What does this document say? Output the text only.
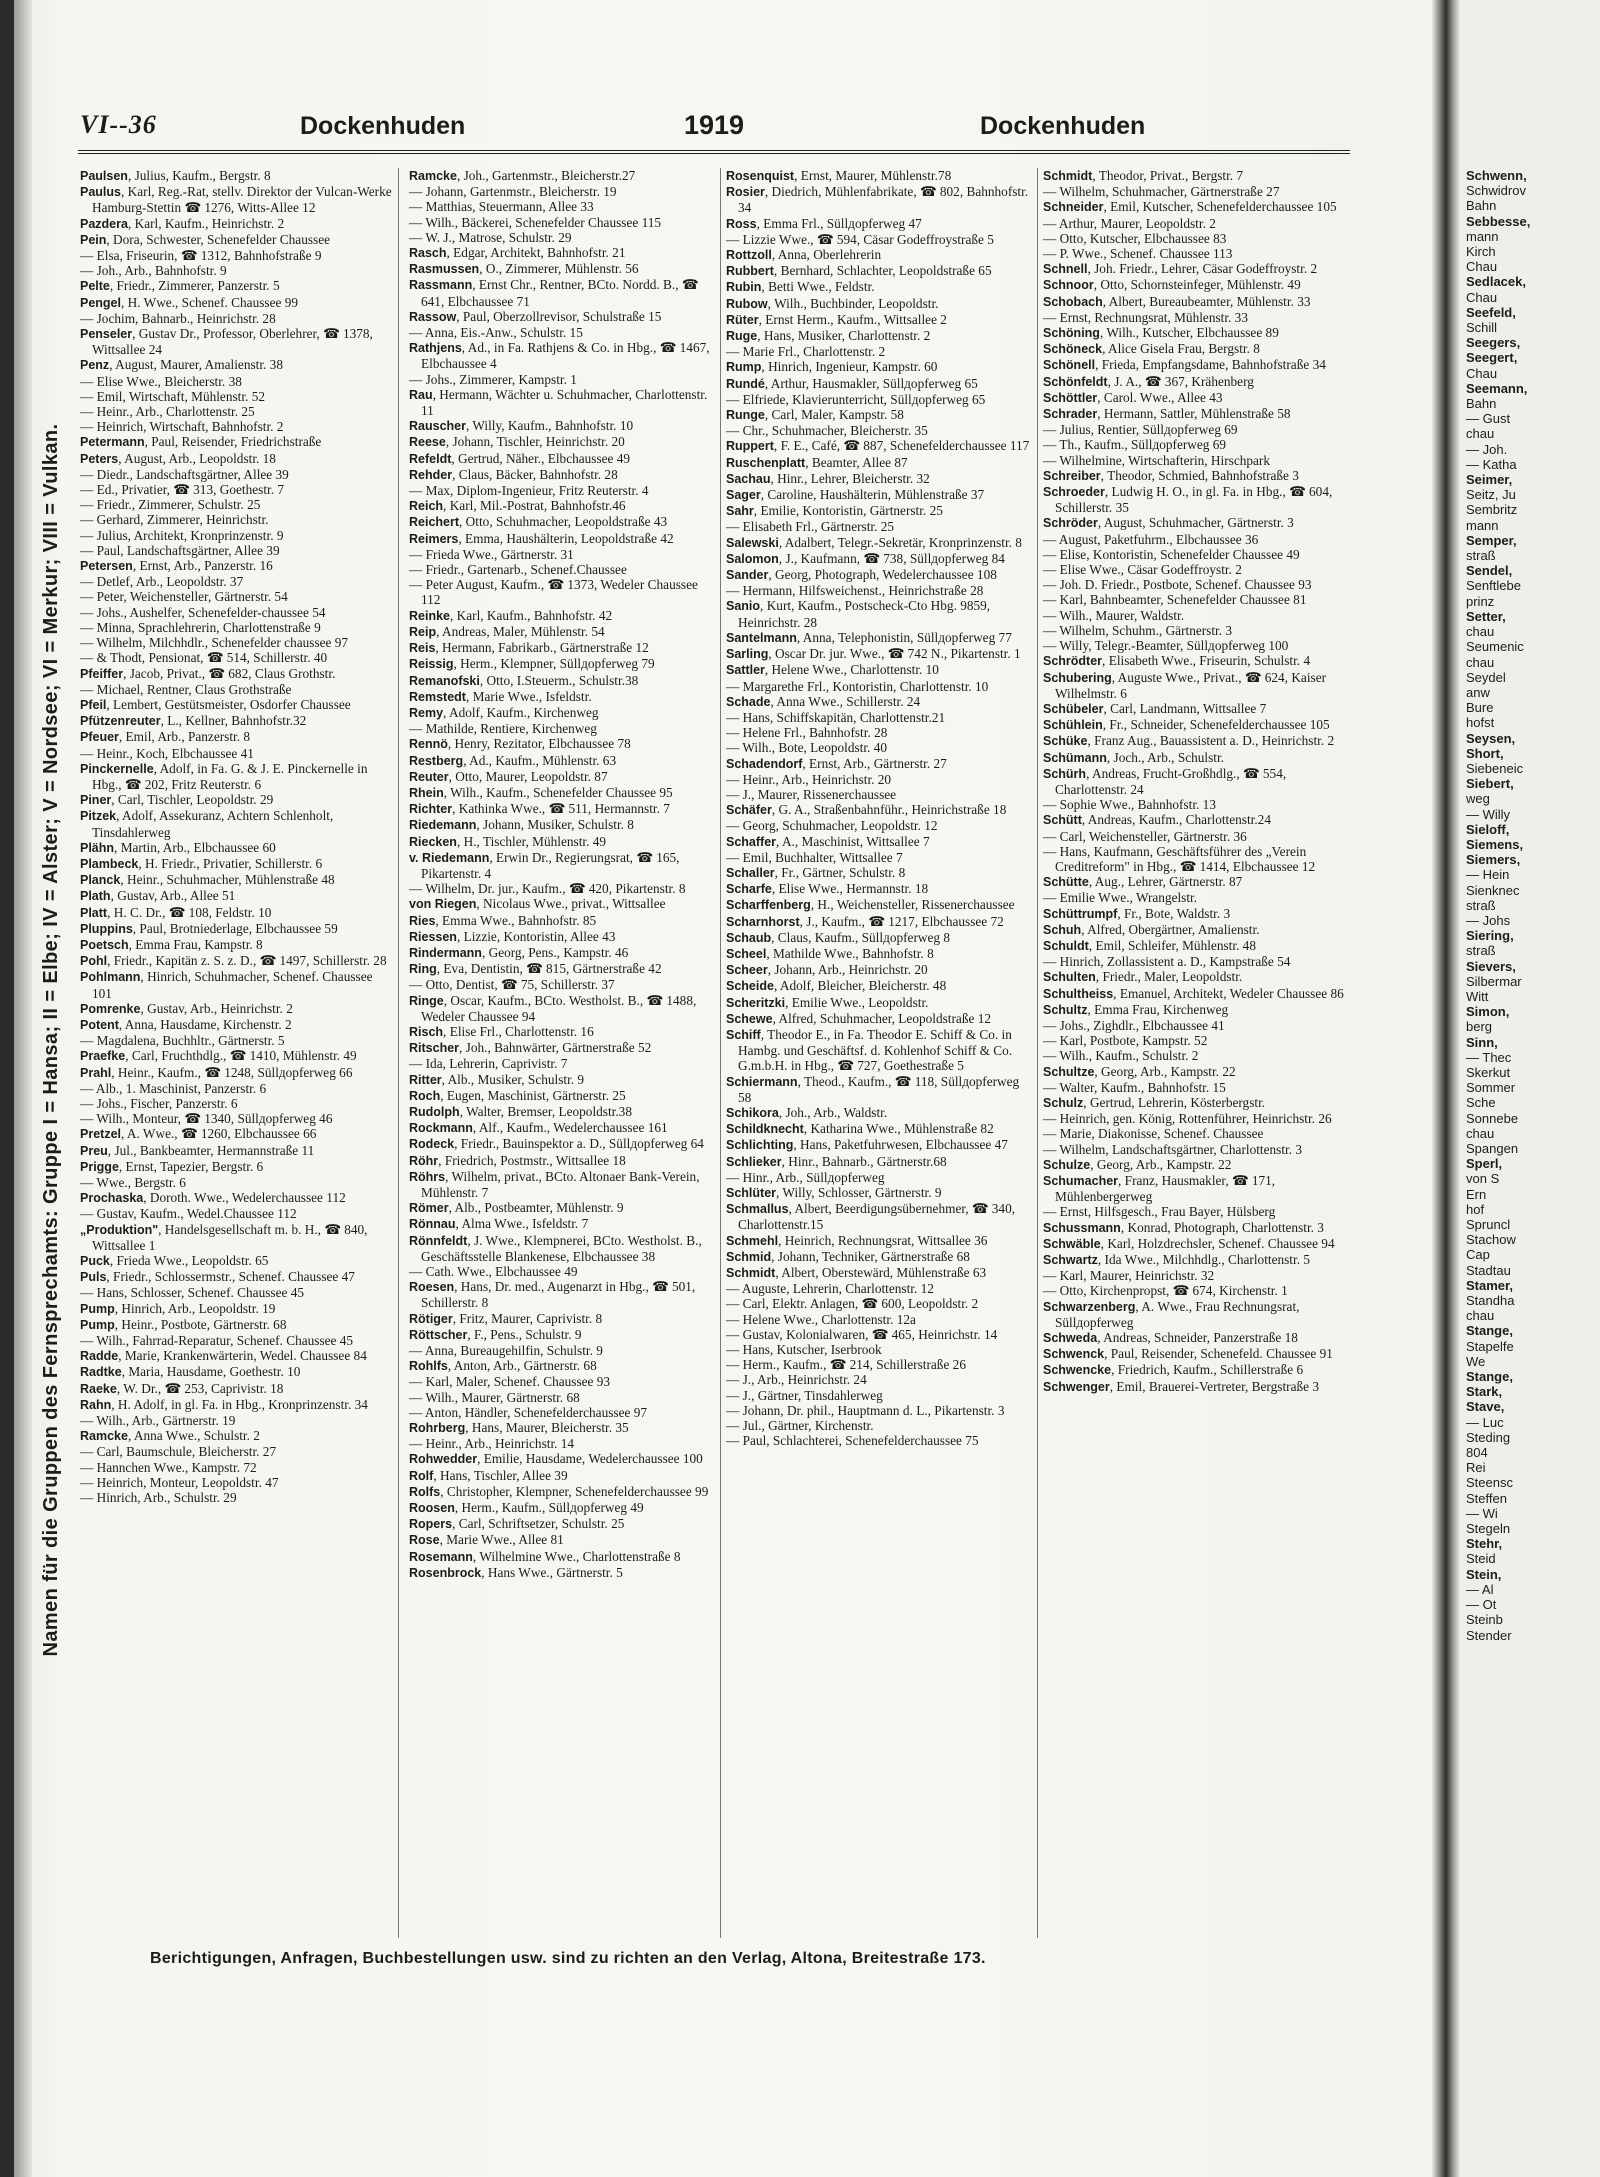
VI--36	Dockenhuden	1919	Dockenhuden
Namen für die Gruppen des Fernsprechamts: Gruppe I = Hansa; II = Elbe; IV = Alster; V = Nordsee; VI = Merkur; VIII = Vulkan.

Paulsen, Julius, Kaufm., Bergstr. 8

Paulus, Karl, Reg.-Rat, stellv. Direktor der Vulcan-Werke Hamburg-Stettin ☎ 1276, Witts-Allee 12

Pazdera, Karl, Kaufm., Heinrichstr. 2

Pein, Dora, Schwester, Schenefelder Chaussee

— Elsa, Friseurin, ☎ 1312, Bahnhofstraße 9

— Joh., Arb., Bahnhofstr. 9

Pelte, Friedr., Zimmerer, Panzerstr. 5

Pengel, H. Wwe., Schenef. Chaussee 99

— Jochim, Bahnarb., Heinrichstr. 28

Penseler, Gustav Dr., Professor, Oberlehrer, ☎ 1378, Wittsallee 24

Penz, August, Maurer, Amalienstr. 38

— Elise Wwe., Bleicherstr. 38

— Emil, Wirtschaft, Mühlenstr. 52

— Heinr., Arb., Charlottenstr. 25

— Heinrich, Wirtschaft, Bahnhofstr. 2

Petermann, Paul, Reisender, Friedrichstraße

Peters, August, Arb., Leopoldstr. 18

— Diedr., Landschaftsgärtner, Allee 39

— Ed., Privatier, ☎ 313, Goethestr. 7

— Friedr., Zimmerer, Schulstr. 25

— Gerhard, Zimmerer, Heinrichstr.

— Julius, Architekt, Kronprinzenstr. 9

— Paul, Landschaftsgärtner, Allee 39

Petersen, Ernst, Arb., Panzerstr. 16

— Detlef, Arb., Leopoldstr. 37

— Peter, Weichensteller, Gärtnerstr. 54

— Johs., Aushelfer, Schenefelder-chaussee 54

— Minna, Sprachlehrerin, Charlottenstraße 9

— Wilhelm, Milchhdlr., Schenefelder chaussee 97

— & Thodt, Pensionat, ☎ 514, Schillerstr. 40

Pfeiffer, Jacob, Privat., ☎ 682, Claus Grothstr.

— Michael, Rentner, Claus Grothstraße

Pfeil, Lembert, Gestütsmeister, Osdorfer Chaussee

Pfützenreuter, L., Kellner, Bahnhofstr.32

Pfeuer, Emil, Arb., Panzerstr. 8

— Heinr., Koch, Elbchaussee 41

Pinckernelle, Adolf, in Fa. G. & J. E. Pinckernelle in Hbg., ☎ 202, Fritz Reuterstr. 6

Piner, Carl, Tischler, Leopoldstr. 29

Pitzek, Adolf, Assekuranz, Achtern Schlenholt, Tinsdahlerweg

Plähn, Martin, Arb., Elbchaussee 60

Plambeck, H. Friedr., Privatier, Schillerstr. 6

Planck, Heinr., Schuhmacher, Mühlenstraße 48

Plath, Gustav, Arb., Allee 51

Platt, H. C. Dr., ☎ 108, Feldstr. 10

Pluppins, Paul, Brotniederlage, Elbchaussee 59

Poetsch, Emma Frau, Kampstr. 8

Pohl, Friedr., Kapitän z. S. z. D., ☎ 1497, Schillerstr. 28

Pohlmann, Hinrich, Schuhmacher, Schenef. Chaussee 101

Pomrenke, Gustav, Arb., Heinrichstr. 2

Potent, Anna, Hausdame, Kirchenstr. 2

— Magdalena, Buchhltr., Gärtnerstr. 5

Praefke, Carl, Fruchthdlg., ☎ 1410, Mühlenstr. 49

Prahl, Heinr., Kaufm., ☎ 1248, Süllдорferweg 66

— Alb., 1. Maschinist, Panzerstr. 6

— Johs., Fischer, Panzerstr. 6

— Wilh., Monteur, ☎ 1340, Süllдорferweg 46

Pretzel, A. Wwe., ☎ 1260, Elbchaussee 66

Preu, Jul., Bankbeamter, Hermannstraße 11

Prigge, Ernst, Tapezier, Bergstr. 6

— Wwe., Bergstr. 6

Prochaska, Doroth. Wwe., Wedelerchaussee 112

— Gustav, Kaufm., Wedel.Chaussee 112

„Produktion", Handelsgesellschaft m. b. H., ☎ 840, Wittsallee 1

Puck, Frieda Wwe., Leopoldstr. 65

Puls, Friedr., Schlossermstr., Schenef. Chaussee 47

— Hans, Schlosser, Schenef. Chaussee 45

Pump, Hinrich, Arb., Leopoldstr. 19

Pump, Heinr., Postbote, Gärtnerstr. 68

— Wilh., Fahrrad-Reparatur, Schenef. Chaussee 45

Radde, Marie, Krankenwärterin, Wedel. Chaussee 84

Radtke, Maria, Hausdame, Goethestr. 10

Raeke, W. Dr., ☎ 253, Caprivistr. 18

Rahn, H. Adolf, in gl. Fa. in Hbg., Kronprinzenstr. 34

— Wilh., Arb., Gärtnerstr. 19

Ramcke, Anna Wwe., Schulstr. 2

— Carl, Baumschule, Bleicherstr. 27

— Hannchen Wwe., Kampstr. 72

— Heinrich, Monteur, Leopoldstr. 47

— Hinrich, Arb., Schulstr. 29

Ramcke, Joh., Gartenmstr., Bleicherstr.27

— Johann, Gartenmstr., Bleicherstr. 19

— Matthias, Steuermann, Allee 33

— Wilh., Bäckerei, Schenefelder Chaussee 115

— W. J., Matrose, Schulstr. 29

Rasch, Edgar, Architekt, Bahnhofstr. 21

Rasmussen, O., Zimmerer, Mühlenstr. 56

Rassmann, Ernst Chr., Rentner, BCto. Nordd. B., ☎ 641, Elbchaussee 71

Rassow, Paul, Oberzollrevisor, Schulstraße 15

— Anna, Eis.-Anw., Schulstr. 15

Rathjens, Ad., in Fa. Rathjens & Co. in Hbg., ☎ 1467, Elbchaussee 4

— Johs., Zimmerer, Kampstr. 1

Rau, Hermann, Wächter u. Schuhmacher, Charlottenstr. 11

Rauscher, Willy, Kaufm., Bahnhofstr. 10

Reese, Johann, Tischler, Heinrichstr. 20

Refeldt, Gertrud, Näher., Elbchaussee 49

Rehder, Claus, Bäcker, Bahnhofstr. 28

— Max, Diplom-Ingenieur, Fritz Reuterstr. 4

Reich, Karl, Mil.-Postrat, Bahnhofstr.46

Reichert, Otto, Schuhmacher, Leopoldstraße 43

Reimers, Emma, Haushälterin, Leopoldstraße 42

— Frieda Wwe., Gärtnerstr. 31

— Friedr., Gartenarb., Schenef.Chaussee

— Peter August, Kaufm., ☎ 1373, Wedeler Chaussee 112

Reinke, Karl, Kaufm., Bahnhofstr. 42

Reip, Andreas, Maler, Mühlenstr. 54

Reis, Hermann, Fabrikarb., Gärtnerstraße 12

Reissig, Herm., Klempner, Süllдорferweg 79

Remanofski, Otto, I.Steuerm., Schulstr.38

Remstedt, Marie Wwe., Isfeldstr.

Remy, Adolf, Kaufm., Kirchenweg

— Mathilde, Rentiere, Kirchenweg

Rennö, Henry, Rezitator, Elbchaussee 78

Restberg, Ad., Kaufm., Mühlenstr. 63

Reuter, Otto, Maurer, Leopoldstr. 87

Rhein, Wilh., Kaufm., Schenefelder Chaussee 95

Richter, Kathinka Wwe., ☎ 511, Hermannstr. 7

Riedemann, Johann, Musiker, Schulstr. 8

Riecken, H., Tischler, Mühlenstr. 49

v. Riedemann, Erwin Dr., Regierungsrat, ☎ 165, Pikartenstr. 4

— Wilhelm, Dr. jur., Kaufm., ☎ 420, Pikartenstr. 8

von Riegen, Nicolaus Wwe., privat., Wittsallee

Ries, Emma Wwe., Bahnhofstr. 85

Riessen, Lizzie, Kontoristin, Allee 43

Rindermann, Georg, Pens., Kampstr. 46

Ring, Eva, Dentistin, ☎ 815, Gärtnerstraße 42

— Otto, Dentist, ☎ 75, Schillerstr. 37

Ringe, Oscar, Kaufm., BCto. Westholst. B., ☎ 1488, Wedeler Chaussee 94

Risch, Elise Frl., Charlottenstr. 16

Ritscher, Joh., Bahnwärter, Gärtnerstraße 52

— Ida, Lehrerin, Caprivistr. 7

Ritter, Alb., Musiker, Schulstr. 9

Roch, Eugen, Maschinist, Gärtnerstr. 25

Rudolph, Walter, Bremser, Leopoldstr.38

Rockmann, Alf., Kaufm., Wedelerchaussee 161

Rodeck, Friedr., Bauinspektor a. D., Süllдорferweg 64

Röhr, Friedrich, Postmstr., Wittsallee 18

Röhrs, Wilhelm, privat., BCto. Altonaer Bank-Verein, Mühlenstr. 7

Römer, Alb., Postbeamter, Mühlenstr. 9

Rönnau, Alma Wwe., Isfeldstr. 7

Rönnfeldt, J. Wwe., Klempnerei, BCto. Westholst. B., Geschäftsstelle Blankenese, Elbchaussee 38

— Cath. Wwe., Elbchaussee 49

Roesen, Hans, Dr. med., Augenarzt in Hbg., ☎ 501, Schillerstr. 8

Rötiger, Fritz, Maurer, Caprivistr. 8

Röttscher, F., Pens., Schulstr. 9

— Anna, Bureaugehilfin, Schulstr. 9

Rohlfs, Anton, Arb., Gärtnerstr. 68

— Karl, Maler, Schenef. Chaussee 93

— Wilh., Maurer, Gärtnerstr. 68

— Anton, Händler, Schenefelderchaussee 97

Rohrberg, Hans, Maurer, Bleicherstr. 35

— Heinr., Arb., Heinrichstr. 14

Rohwedder, Emilie, Hausdame, Wedelerchaussee 100

Rolf, Hans, Tischler, Allee 39

Rolfs, Christopher, Klempner, Schenefelderchaussee 99

Roosen, Herm., Kaufm., Süllдорferweg 49

Ropers, Carl, Schriftsetzer, Schulstr. 25

Rose, Marie Wwe., Allee 81

Rosemann, Wilhelmine Wwe., Charlottenstraße 8

Rosenbrock, Hans Wwe., Gärtnerstr. 5

Rosenquist, Ernst, Maurer, Mühlenstr.78

Rosier, Diedrich, Mühlenfabrikate, ☎ 802, Bahnhofstr. 34

Ross, Emma Frl., Süllдорferweg 47

— Lizzie Wwe., ☎ 594, Cäsar Godeffroystraße 5

Rottzoll, Anna, Oberlehrerin

Rubbert, Bernhard, Schlachter, Leopoldstraße 65

Rubin, Betti Wwe., Feldstr.

Rubow, Wilh., Buchbinder, Leopoldstr.

Rüter, Ernst Herm., Kaufm., Wittsallee 2

Ruge, Hans, Musiker, Charlottenstr. 2

— Marie Frl., Charlottenstr. 2

Rump, Hinrich, Ingenieur, Kampstr. 60

Rundé, Arthur, Hausmakler, Süllдорferweg 65

— Elfriede, Klavierunterricht, Süllдорferweg 65

Runge, Carl, Maler, Kampstr. 58

— Chr., Schuhmacher, Bleicherstr. 35

Ruppert, F. E., Café, ☎ 887, Schenefelderchaussee 117

Ruschenplatt, Beamter, Allee 87

Sachau, Hinr., Lehrer, Bleicherstr. 32

Sager, Caroline, Haushälterin, Mühlenstraße 37

Sahr, Emilie, Kontoristin, Gärtnerstr. 25

— Elisabeth Frl., Gärtnerstr. 25

Salewski, Adalbert, Telegr.-Sekretär, Kronprinzenstr. 8

Salomon, J., Kaufmann, ☎ 738, Süllдорferweg 84

Sander, Georg, Photograph, Wedelerchaussee 108

— Hermann, Hilfsweichenst., Heinrichstraße 28

Sanio, Kurt, Kaufm., Postscheck-Cto Hbg. 9859, Heinrichstr. 28

Santelmann, Anna, Telephonistin, Süllдорferweg 77

Sarling, Oscar Dr. jur. Wwe., ☎ 742 N., Pikartenstr. 1

Sattler, Helene Wwe., Charlottenstr. 10

— Margarethe Frl., Kontoristin, Charlottenstr. 10

Schade, Anna Wwe., Schillerstr. 24

— Hans, Schiffskapitän, Charlottenstr.21

— Helene Frl., Bahnhofstr. 28

— Wilh., Bote, Leopoldstr. 40

Schadendorf, Ernst, Arb., Gärtnerstr. 27

— Heinr., Arb., Heinrichstr. 20

— J., Maurer, Rissenerchaussee

Schäfer, G. A., Straßenbahnführ., Heinrichstraße 18

— Georg, Schuhmacher, Leopoldstr. 12

Schaffer, A., Maschinist, Wittsallee 7

— Emil, Buchhalter, Wittsallee 7

Schaller, Fr., Gärtner, Schulstr. 8

Scharfe, Elise Wwe., Hermannstr. 18

Scharffenberg, H., Weichensteller, Rissenerchaussee

Scharnhorst, J., Kaufm., ☎ 1217, Elbchaussee 72

Schaub, Claus, Kaufm., Süllдорferweg 8

Scheel, Mathilde Wwe., Bahnhofstr. 8

Scheer, Johann, Arb., Heinrichstr. 20

Scheide, Adolf, Bleicher, Bleicherstr. 48

Scheritzki, Emilie Wwe., Leopoldstr.

Schewe, Alfred, Schuhmacher, Leopoldstraße 12

Schiff, Theodor E., in Fa. Theodor E. Schiff & Co. in Hambg. und Geschäftsf. d. Kohlenhof Schiff & Co. G.m.b.H. in Hbg., ☎ 727, Goethestraße 5

Schiermann, Theod., Kaufm., ☎ 118, Süllдорferweg 58

Schikora, Joh., Arb., Waldstr.

Schildknecht, Katharina Wwe., Mühlenstraße 82

Schlichting, Hans, Paketfuhrwesen, Elbchaussee 47

Schlieker, Hinr., Bahnarb., Gärtnerstr.68

— Hinr., Arb., Süllдорferweg

Schlüter, Willy, Schlosser, Gärtnerstr. 9

Schmallus, Albert, Beerdigungsübernehmer, ☎ 340, Charlottenstr.15

Schmehl, Heinrich, Rechnungsrat, Wittsallee 36

Schmid, Johann, Techniker, Gärtnerstraße 68

Schmidt, Albert, Oberstewärd, Mühlenstraße 63

— Auguste, Lehrerin, Charlottenstr. 12

— Carl, Elektr. Anlagen, ☎ 600, Leopoldstr. 2

— Helene Wwe., Charlottenstr. 12a

— Gustav, Kolonialwaren, ☎ 465, Heinrichstr. 14

— Hans, Kutscher, Iserbrook

— Herm., Kaufm., ☎ 214, Schillerstraße 26

— J., Arb., Heinrichstr. 24

— J., Gärtner, Tinsdahlerweg

— Johann, Dr. phil., Hauptmann d. L., Pikartenstr. 3

— Jul., Gärtner, Kirchenstr.

— Paul, Schlachterei, Schenefelderchaussee 75

Schmidt, Theodor, Privat., Bergstr. 7

— Wilhelm, Schuhmacher, Gärtnerstraße 27

Schneider, Emil, Kutscher, Schenefelderchaussee 105

— Arthur, Maurer, Leopoldstr. 2

— Otto, Kutscher, Elbchaussee 83

— P. Wwe., Schenef. Chaussee 113

Schnell, Joh. Friedr., Lehrer, Cäsar Godeffroystr. 2

Schnoor, Otto, Schornsteinfeger, Mühlenstr. 49

Schobach, Albert, Bureaubeamter, Mühlenstr. 33

— Ernst, Rechnungsrat, Mühlenstr. 33

Schöning, Wilh., Kutscher, Elbchaussee 89

Schöneck, Alice Gisela Frau, Bergstr. 8

Schönell, Frieda, Empfangsdame, Bahnhofstraße 34

Schönfeldt, J. A., ☎ 367, Krähenberg

Schöttler, Carol. Wwe., Allee 43

Schrader, Hermann, Sattler, Mühlenstraße 58

— Julius, Rentier, Süllдорferweg 69

— Th., Kaufm., Süllдорferweg 69

— Wilhelmine, Wirtschafterin, Hirschpark

Schreiber, Theodor, Schmied, Bahnhofstraße 3

Schroeder, Ludwig H. O., in gl. Fa. in Hbg., ☎ 604, Schillerstr. 35

Schröder, August, Schuhmacher, Gärtnerstr. 3

— August, Paketfuhrm., Elbchaussee 36

— Elise, Kontoristin, Schenefelder Chaussee 49

— Elise Wwe., Cäsar Godeffroystr. 2

— Joh. D. Friedr., Postbote, Schenef. Chaussee 93

— Karl, Bahnbeamter, Schenefelder Chaussee 81

— Wilh., Maurer, Waldstr.

— Wilhelm, Schuhm., Gärtnerstr. 3

— Willy, Telegr.-Beamter, Süllдорferweg 100

Schrödter, Elisabeth Wwe., Friseurin, Schulstr. 4

Schubering, Auguste Wwe., Privat., ☎ 624, Kaiser Wilhelmstr. 6

Schübeler, Carl, Landmann, Wittsallee 7

Schühlein, Fr., Schneider, Schenefelderchaussee 105

Schüke, Franz Aug., Bauassistent a. D., Heinrichstr. 2

Schümann, Joch., Arb., Schulstr.

Schürh, Andreas, Frucht-Großhdlg., ☎ 554, Charlottenstr. 24

— Sophie Wwe., Bahnhofstr. 13

Schütt, Andreas, Kaufm., Charlottenstr.24

— Carl, Weichensteller, Gärtnerstr. 36

— Hans, Kaufmann, Geschäftsführer des „Verein Creditreform" in Hbg., ☎ 1414, Elbchaussee 12

Schütte, Aug., Lehrer, Gärtnerstr. 87

— Emilie Wwe., Wrangelstr.

Schüttrumpf, Fr., Bote, Waldstr. 3

Schuh, Alfred, Obergärtner, Amalienstr.

Schuldt, Emil, Schleifer, Mühlenstr. 48

— Hinrich, Zollassistent a. D., Kampstraße 54

Schulten, Friedr., Maler, Leopoldstr.

Schultheiss, Emanuel, Architekt, Wedeler Chaussee 86

Schultz, Emma Frau, Kirchenweg

— Johs., Zighdlr., Elbchaussee 41

— Karl, Postbote, Kampstr. 52

— Wilh., Kaufm., Schulstr. 2

Schultze, Georg, Arb., Kampstr. 22

— Walter, Kaufm., Bahnhofstr. 15

Schulz, Gertrud, Lehrerin, Kösterbergstr.

— Heinrich, gen. König, Rottenführer, Heinrichstr. 26

— Marie, Diakonisse, Schenef. Chaussee

— Wilhelm, Landschaftsgärtner, Charlottenstr. 3

Schulze, Georg, Arb., Kampstr. 22

Schumacher, Franz, Hausmakler, ☎ 171, Mühlenbergerweg

— Ernst, Hilfsgesch., Frau Bayer, Hülsberg

Schussmann, Konrad, Photograph, Charlottenstr. 3

Schwäble, Karl, Holzdrechsler, Schenef. Chaussee 94

Schwartz, Ida Wwe., Milchhdlg., Charlottenstr. 5

— Karl, Maurer, Heinrichstr. 32

— Otto, Kirchenpropst, ☎ 674, Kirchenstr. 1

Schwarzenberg, A. Wwe., Frau Rechnungsrat, Süllдорferweg

Schweda, Andreas, Schneider, Panzerstraße 18

Schwenck, Paul, Reisender, Schenefeld. Chaussee 91

Schwencke, Friedrich, Kaufm., Schillerstraße 6

Schwenger, Emil, Brauerei-Vertreter, Bergstraße 3

Berichtigungen, Anfragen, Buchbestellungen usw. sind zu richten an den Verlag, Altona, Breitestraße 173.
Schwenn,
Schwidrov
Bahn
Sebbesse,
mann
Kirch
Chau
Sedlacek,
Chau
Seefeld,
Schill
Seegers,
Seegert,
Chau
Seemann,
Bahn
— Gust
chau
— Joh.
— Katha
Seimer,
Seitz, Ju
Sembritz
mann
Semper,
straß
Sendel,
Senftlebe
prinz
Setter,
chau
Seumenic
chau
Seydel
anw
Bure
hofst
Seysen,
Short,
Siebeneic
Siebert,
weg
— Willy
Sieloff,
Siemens,
Siemers,
— Hein
Sienknec
straß
— Johs
Siering,
straß
Sievers,
Silbermar
Witt
Simon,
berg
Sinn,
— Thec
Skerkut
Sommer
Sche
Sonnebe
chau
Spangen
Sperl,
von S
Ern
hof
Spruncl
Stachow
Cap
Stadtau
Stamer,
Standha
chau
Stange,
Stapelfe
We
Stange,
Stark,
Stave,
— Luc
Steding
804
Rei
Steensc
Steffen
— Wi
Stegeln
Stehr,
Steid
Stein,
— Al
— Ot
Steinb
Stender
